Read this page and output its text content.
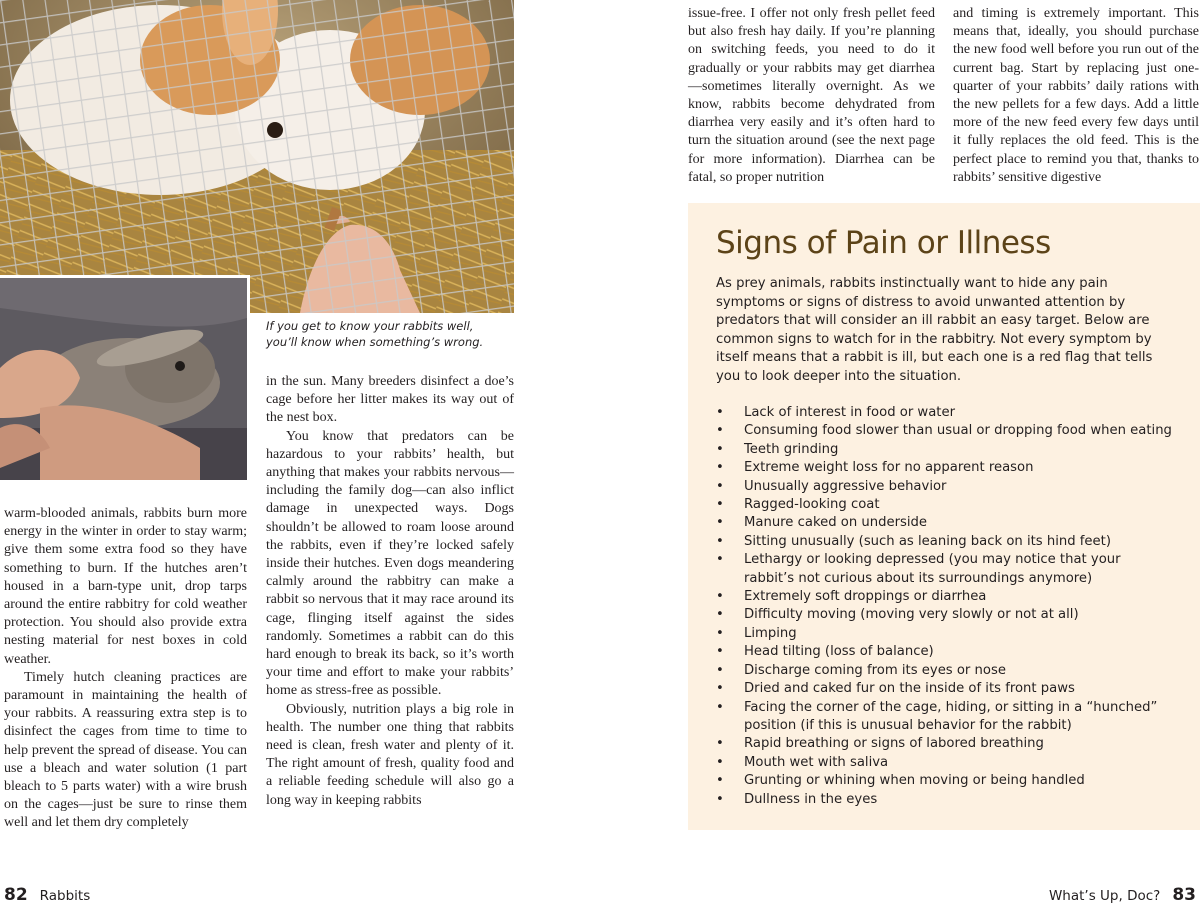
If you get to know your rabbits well, you’ll know when something’s wrong.

warm-blooded animals, rabbits burn more energy in the winter in order to stay warm; give them some extra food so they have something to burn. If the hutches aren’t housed in a barn-type unit, drop tarps around the entire rabbitry for cold weather protection. You should also provide extra nesting material for nest boxes in cold weather.

Timely hutch cleaning practices are paramount in maintaining the health of your rabbits. A reassuring extra step is to disinfect the cages from time to time to help prevent the spread of disease. You can use a bleach and water solution (1 part bleach to 5 parts water) with a wire brush on the cages—just be sure to rinse them well and let them dry completely

in the sun. Many breeders disinfect a doe’s cage before her litter makes its way out of the nest box.

You know that predators can be hazardous to your rabbits’ health, but anything that makes your rabbits nervous—including the family dog—can also inflict damage in unexpected ways. Dogs shouldn’t be allowed to roam loose around the rabbits, even if they’re locked safely inside their hutches. Even dogs meandering calmly around the rabbitry can make a rabbit so nervous that it may race around its cage, flinging itself against the sides randomly. Sometimes a rabbit can do this hard enough to break its back, so it’s worth your time and effort to make your rabbits’ home as stress-free as possible.

Obviously, nutrition plays a big role in health. The number one thing that rabbits need is clean, fresh water and plenty of it. The right amount of fresh, quality food and a reliable feeding schedule will also go a long way in keeping rabbits

82 Rabbits

issue-free. I offer not only fresh pellet feed but also fresh hay daily. If you’re planning on switching feeds, you need to do it gradually or your rabbits may get diarrhea—sometimes literally overnight. As we know, rabbits become dehydrated from diarrhea very easily and it’s often hard to turn the situation around (see the next page for more information). Diarrhea can be fatal, so proper nutrition

and timing is extremely important. This means that, ideally, you should purchase the new food well before you run out of the current bag. Start by replacing just one-quarter of your rabbits’ daily rations with the new pellets for a few days. Add a little more of the new feed every few days until it fully replaces the old feed. This is the perfect place to remind you that, thanks to rabbits’ sensitive digestive

Signs of Pain or Illness

As prey animals, rabbits instinctually want to hide any pain symptoms or signs of distress to avoid unwanted attention by predators that will consider an ill rabbit an easy target. Below are common signs to watch for in the rabbitry. Not every symptom by itself means that a rabbit is ill, but each one is a red flag that tells you to look deeper into the situation.

• Lack of interest in food or water
• Consuming food slower than usual or dropping food when eating
• Teeth grinding
• Extreme weight loss for no apparent reason
• Unusually aggressive behavior
• Ragged-looking coat
• Manure caked on underside
• Sitting unusually (such as leaning back on its hind feet)
• Lethargy or looking depressed (you may notice that your rabbit’s not curious about its surroundings anymore)
• Extremely soft droppings or diarrhea
• Difficulty moving (moving very slowly or not at all)
• Limping
• Head tilting (loss of balance)
• Discharge coming from its eyes or nose
• Dried and caked fur on the inside of its front paws
• Facing the corner of the cage, hiding, or sitting in a “hunched” position (if this is unusual behavior for the rabbit)
• Rapid breathing or signs of labored breathing
• Mouth wet with saliva
• Grunting or whining when moving or being handled
• Dullness in the eyes
What’s Up, Doc? 83
